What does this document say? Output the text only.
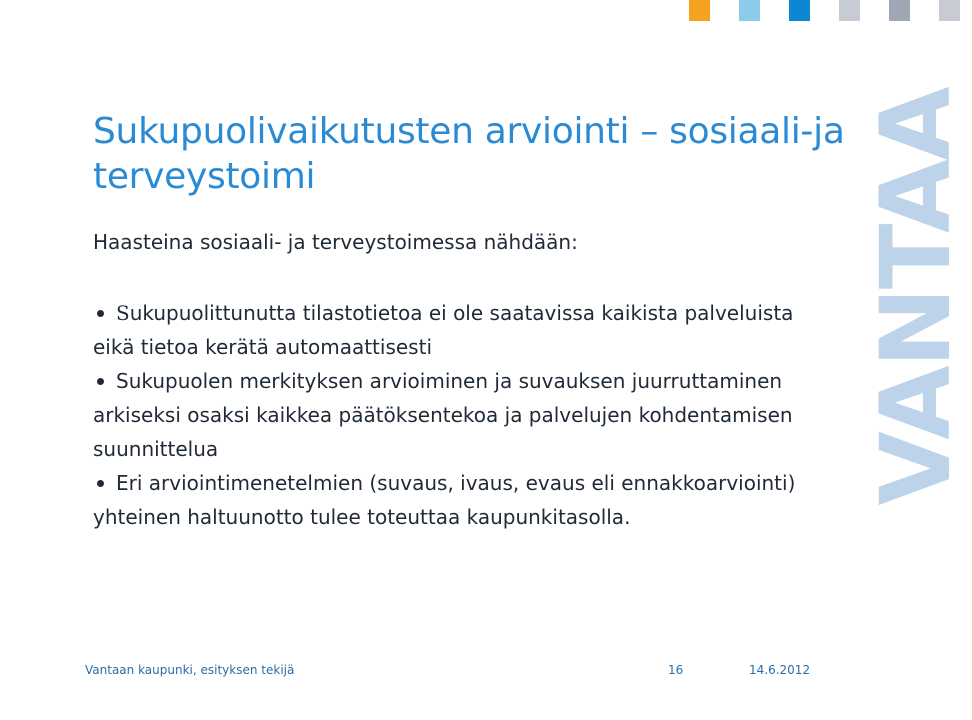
VANTAA
Sukupuolivaikutusten arviointi – sosiaali-ja terveystoimi

Haasteina sosiaali- ja terveystoimessa nähdään:

Sukupuolittunutta tilastotietoa ei ole saatavissa kaikista palveluista eikä tietoa kerätä automaattisesti
Sukupuolen merkityksen arvioiminen ja suvauksen juurruttaminen arkiseksi osaksi kaikkea päätöksentekoa ja palvelujen kohdentamisen suunnittelua
Eri arviointimenetelmien (suvaus, ivaus, evaus eli ennakkoarviointi) yhteinen haltuunotto tulee toteuttaa kaupunkitasolla.
Vantaan kaupunki, esityksen tekijä	16	14.6.2012
